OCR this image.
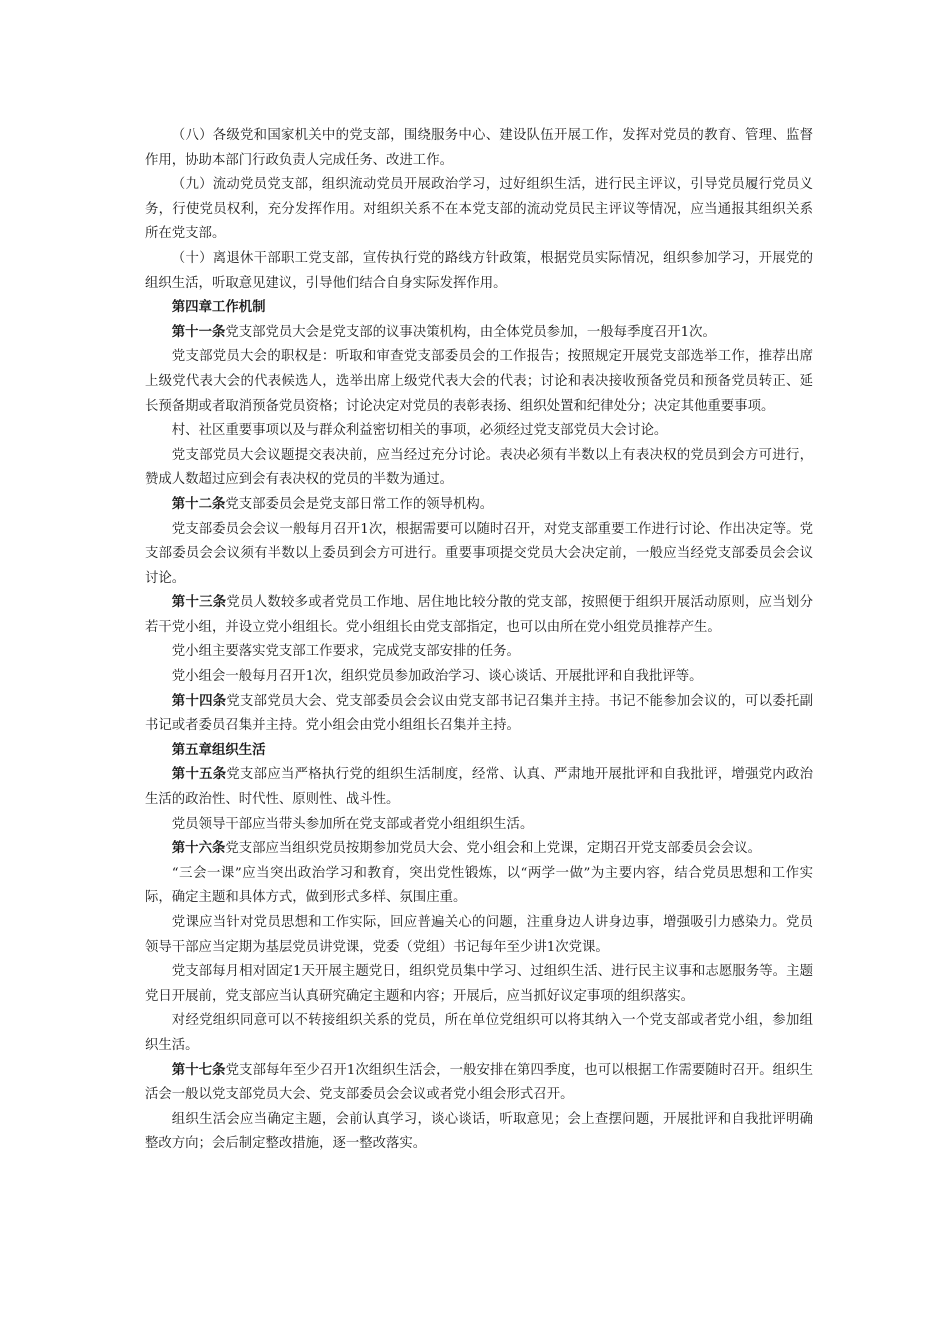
（八）各级党和国家机关中的党支部，围绕服务中心、建设队伍开展工作，发挥对党员的教育、管理、监督作用，协助本部门行政负责人完成任务、改进工作。

（九）流动党员党支部，组织流动党员开展政治学习，过好组织生活，进行民主评议，引导党员履行党员义务，行使党员权利，充分发挥作用。对组织关系不在本党支部的流动党员民主评议等情况，应当通报其组织关系所在党支部。

（十）离退休干部职工党支部，宣传执行党的路线方针政策，根据党员实际情况，组织参加学习，开展党的组织生活，听取意见建议，引导他们结合自身实际发挥作用。

第四章工作机制

第十一条党支部党员大会是党支部的议事决策机构，由全体党员参加，一般每季度召开1次。

党支部党员大会的职权是：听取和审查党支部委员会的工作报告；按照规定开展党支部选举工作，推荐出席上级党代表大会的代表候选人，选举出席上级党代表大会的代表；讨论和表决接收预备党员和预备党员转正、延长预备期或者取消预备党员资格；讨论决定对党员的表彰表扬、组织处置和纪律处分；决定其他重要事项。

村、社区重要事项以及与群众利益密切相关的事项，必须经过党支部党员大会讨论。

党支部党员大会议题提交表决前，应当经过充分讨论。表决必须有半数以上有表决权的党员到会方可进行，赞成人数超过应到会有表决权的党员的半数为通过。

第十二条党支部委员会是党支部日常工作的领导机构。

党支部委员会会议一般每月召开1次，根据需要可以随时召开，对党支部重要工作进行讨论、作出决定等。党支部委员会会议须有半数以上委员到会方可进行。重要事项提交党员大会决定前，一般应当经党支部委员会会议讨论。

第十三条党员人数较多或者党员工作地、居住地比较分散的党支部，按照便于组织开展活动原则，应当划分若干党小组，并设立党小组组长。党小组组长由党支部指定，也可以由所在党小组党员推荐产生。

党小组主要落实党支部工作要求，完成党支部安排的任务。

党小组会一般每月召开1次，组织党员参加政治学习、谈心谈话、开展批评和自我批评等。

第十四条党支部党员大会、党支部委员会会议由党支部书记召集并主持。书记不能参加会议的，可以委托副书记或者委员召集并主持。党小组会由党小组组长召集并主持。

第五章组织生活

第十五条党支部应当严格执行党的组织生活制度，经常、认真、严肃地开展批评和自我批评，增强党内政治生活的政治性、时代性、原则性、战斗性。

党员领导干部应当带头参加所在党支部或者党小组组织生活。

第十六条党支部应当组织党员按期参加党员大会、党小组会和上党课，定期召开党支部委员会会议。

“三会一课”应当突出政治学习和教育，突出党性锻炼，以“两学一做”为主要内容，结合党员思想和工作实际，确定主题和具体方式，做到形式多样、氛围庄重。

党课应当针对党员思想和工作实际，回应普遍关心的问题，注重身边人讲身边事，增强吸引力感染力。党员领导干部应当定期为基层党员讲党课，党委（党组）书记每年至少讲1次党课。

党支部每月相对固定1天开展主题党日，组织党员集中学习、过组织生活、进行民主议事和志愿服务等。主题党日开展前，党支部应当认真研究确定主题和内容；开展后，应当抓好议定事项的组织落实。

对经党组织同意可以不转接组织关系的党员，所在单位党组织可以将其纳入一个党支部或者党小组，参加组织生活。

第十七条党支部每年至少召开1次组织生活会，一般安排在第四季度，也可以根据工作需要随时召开。组织生活会一般以党支部党员大会、党支部委员会会议或者党小组会形式召开。

组织生活会应当确定主题，会前认真学习，谈心谈话，听取意见；会上查摆问题，开展批评和自我批评明确整改方向；会后制定整改措施，逐一整改落实。
